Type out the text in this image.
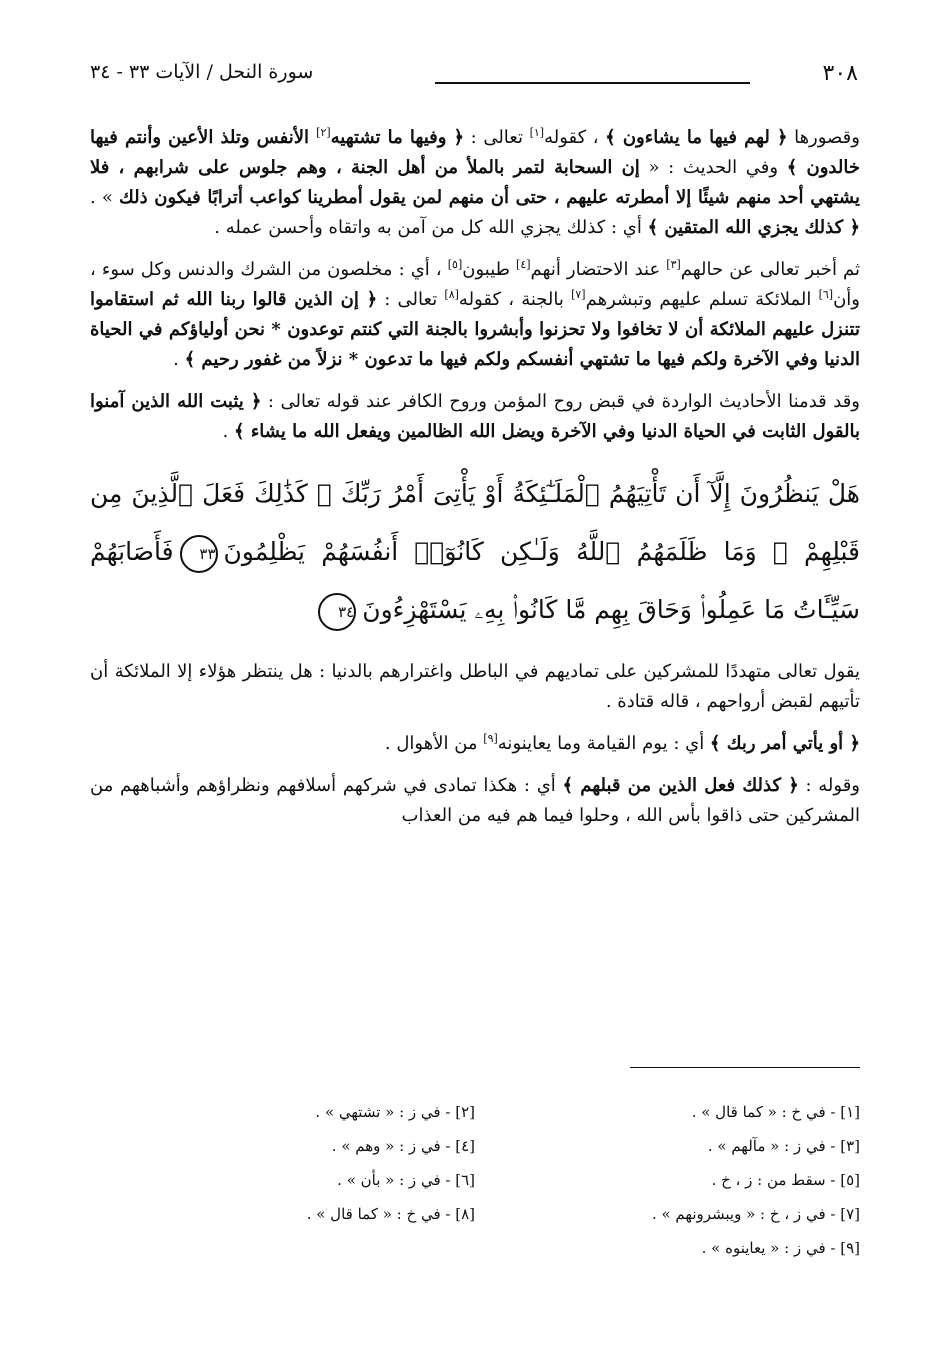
٣٠٨
سورة النحل / الآيات ٣٣ - ٣٤

وقصورها ﴿ لهم فيها ما يشاءون ﴾ ، كقوله[١] تعالى : ﴿ وفيها ما تشتهيه[٢] الأنفس وتلذ الأعين وأنتم فيها خالدون ﴾ وفي الحديث : « إن السحابة لتمر بالملأ من أهل الجنة ، وهم جلوس على شرابهم ، فلا يشتهي أحد منهم شيئًا إلا أمطرته عليهم ، حتى أن منهم لمن يقول أمطرينا كواعب أترابًا فيكون ذلك » . ﴿ كذلك يجزي الله المتقين ﴾ أي : كذلك يجزي الله كل من آمن به واتقاه وأحسن عمله .

ثم أخبر تعالى عن حالهم[٣] عند الاحتضار أنهم[٤] طيبون[٥] ، أي : مخلصون من الشرك والدنس وكل سوء ، وأن[٦] الملائكة تسلم عليهم وتبشرهم[٧] بالجنة ، كقوله[٨] تعالى : ﴿ إن الذين قالوا ربنا الله ثم استقاموا تتنزل عليهم الملائكة أن لا تخافوا ولا تحزنوا وأبشروا بالجنة التي كنتم توعدون * نحن أولياؤكم في الحياة الدنيا وفي الآخرة ولكم فيها ما تشتهي أنفسكم ولكم فيها ما تدعون * نزلاً من غفور رحيم ﴾ .

وقد قدمنا الأحاديث الواردة في قبض روح المؤمن وروح الكافر عند قوله تعالى : ﴿ يثبت الله الذين آمنوا بالقول الثابت في الحياة الدنيا وفي الآخرة ويضل الله الظالمين ويفعل الله ما يشاء ﴾ .

هَلْ يَنظُرُونَ إِلَّآ أَن تَأْتِيَهُمُ ٱلْمَلَـٰٓئِكَةُ أَوْ يَأْتِىَ أَمْرُ رَبِّكَ ۚ كَذَٰلِكَ فَعَلَ ٱلَّذِينَ مِن قَبْلِهِمْ ۚ وَمَا ظَلَمَهُمُ ٱللَّهُ وَلَـٰكِن كَانُوٓا۟ أَنفُسَهُمْ يَظْلِمُونَ٣٣فَأَصَابَهُمْ سَيِّـَٔاتُ مَا عَمِلُوا۟ وَحَاقَ بِهِم مَّا كَانُوا۟ بِهِۦ يَسْتَهْزِءُونَ٣٤

يقول تعالى متهددًا للمشركين على تماديهم في الباطل واغترارهم بالدنيا : هل ينتظر هؤلاء إلا الملائكة أن تأتيهم لقبض أرواحهم ، قاله قتادة .

﴿ أو يأتي أمر ربك ﴾ أي : يوم القيامة وما يعاينونه[٩] من الأهوال .

وقوله : ﴿ كذلك فعل الذين من قبلهم ﴾ أي : هكذا تمادى في شركهم أسلافهم ونظراؤهم وأشباههم من المشركين حتى ذاقوا بأس الله ، وحلوا فيما هم فيه من العذاب

[١] - في خ : « كما قال » .
[٢] - في ز : « تشتهي » .
[٣] - في ز : « مآلهم » .
[٤] - في ز : « وهم » .
[٥] - سقط من : ز ، خ .
[٦] - في ز : « بأن » .
[٧] - في ز ، خ : « ويبشرونهم » .
[٨] - في خ : « كما قال » .
[٩] - في ز : « يعاينوه » .
